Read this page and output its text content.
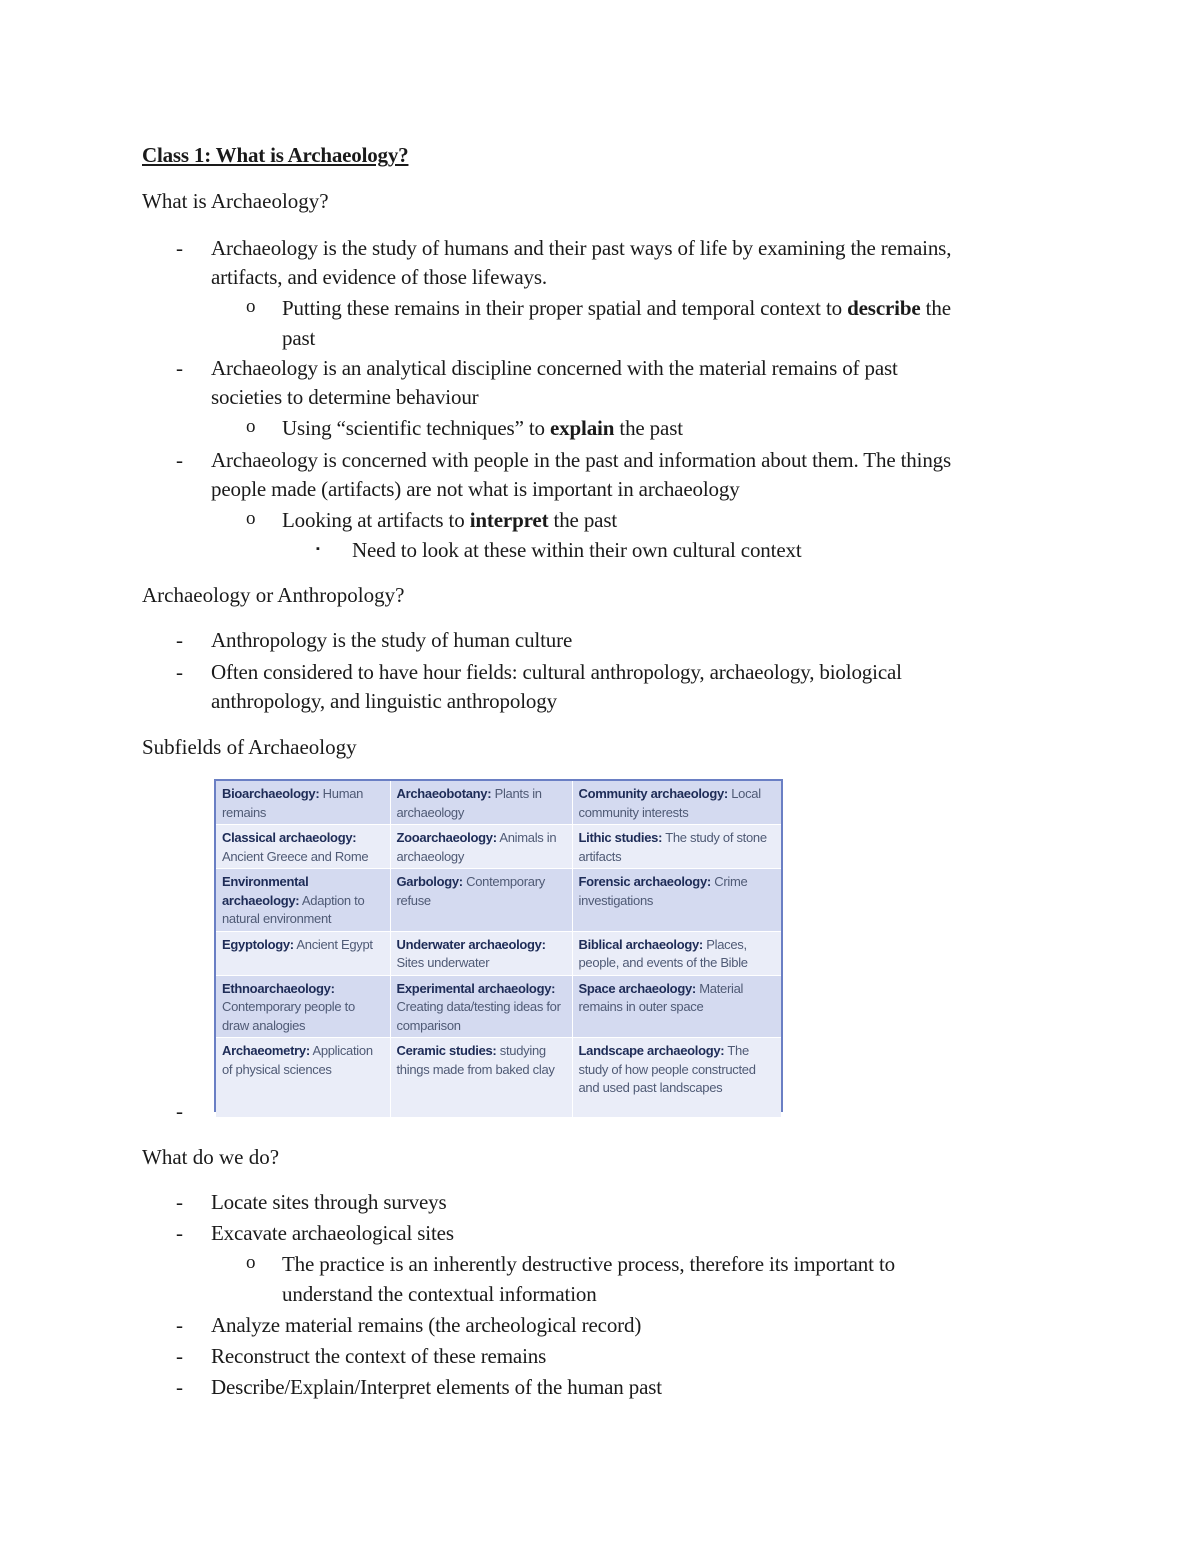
Class 1: What is Archaeology?
What is Archaeology?
- Archaeology is the study of humans and their past ways of life by examining the remains,
artifacts, and evidence of those lifeways.
o Putting these remains in their proper spatial and temporal context to describe the
past
- Archaeology is an analytical discipline concerned with the material remains of past
societies to determine behaviour
o Using “scientific techniques” to explain the past
- Archaeology is concerned with people in the past and information about them. The things
people made (artifacts) are not what is important in archaeology
o Looking at artifacts to interpret the past
▪ Need to look at these within their own cultural context
Archaeology or Anthropology?
- Anthropology is the study of human culture
- Often considered to have hour fields: cultural anthropology, archaeology, biological
anthropology, and linguistic anthropology
Subfields of Archaeology
Bioarchaeology: Human remains	Archaeobotany: Plants in archaeology	Community archaeology: Local community interests
Classical archaeology: Ancient Greece and Rome	Zooarchaeology: Animals in archaeology	Lithic studies: The study of stone artifacts
Environmental archaeology: Adaption to natural environment	Garbology: Contemporary refuse	Forensic archaeology: Crime investigations
Egyptology: Ancient Egypt	Underwater archaeology: Sites underwater	Biblical archaeology: Places, people, and events of the Bible
Ethnoarchaeology: Contemporary people to draw analogies	Experimental archaeology: Creating data/testing ideas for comparison	Space archaeology: Material remains in outer space
Archaeometry: Application of physical sciences	Ceramic studies: studying things made from baked clay	Landscape archaeology: The study of how people constructed and used past landscapes
-
What do we do?
- Locate sites through surveys
- Excavate archaeological sites
o The practice is an inherently destructive process, therefore its important to
understand the contextual information
- Analyze material remains (the archeological record)
- Reconstruct the context of these remains
- Describe/Explain/Interpret elements of the human past
